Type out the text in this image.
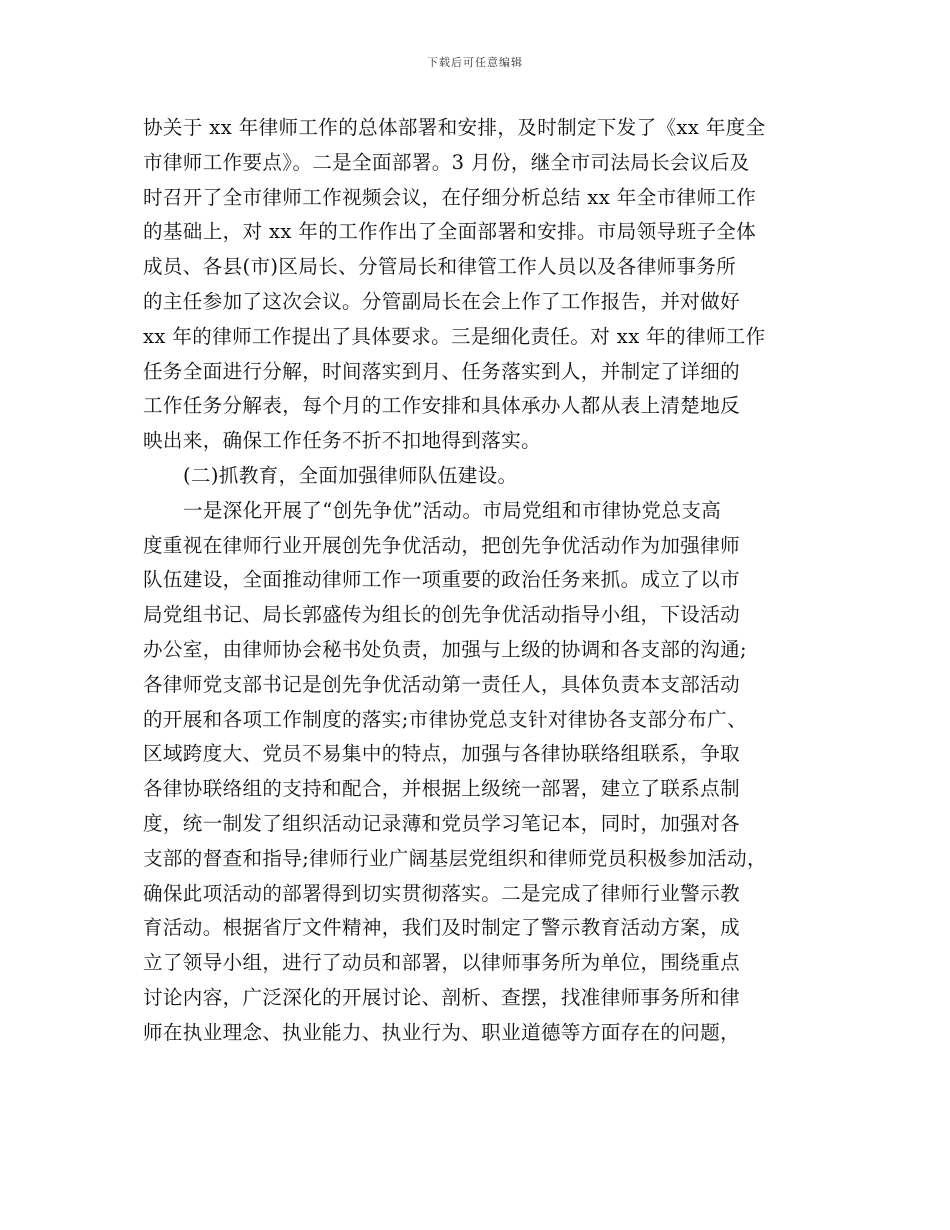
下载后可任意编辑
协关于 xx 年律师工作的总体部署和安排，及时制定下发了《xx 年度全
市律师工作要点》。二是全面部署。3 月份，继全市司法局长会议后及
时召开了全市律师工作视频会议，在仔细分析总结 xx 年全市律师工作
的基础上，对 xx 年的工作作出了全面部署和安排。市局领导班子全体
成员、各县(市)区局长、分管局长和律管工作人员以及各律师事务所
的主任参加了这次会议。分管副局长在会上作了工作报告，并对做好
xx 年的律师工作提出了具体要求。三是细化责任。对 xx 年的律师工作
任务全面进行分解，时间落实到月、任务落实到人，并制定了详细的
工作任务分解表，每个月的工作安排和具体承办人都从表上清楚地反
映出来，确保工作任务不折不扣地得到落实。
(二)抓教育，全面加强律师队伍建设。
一是深化开展了“创先争优”活动。市局党组和市律协党总支高
度重视在律师行业开展创先争优活动，把创先争优活动作为加强律师
队伍建设，全面推动律师工作一项重要的政治任务来抓。成立了以市
局党组书记、局长郭盛传为组长的创先争优活动指导小组，下设活动
办公室，由律师协会秘书处负责，加强与上级的协调和各支部的沟通;
各律师党支部书记是创先争优活动第一责任人，具体负责本支部活动
的开展和各项工作制度的落实;市律协党总支针对律协各支部分布广、
区域跨度大、党员不易集中的特点，加强与各律协联络组联系，争取
各律协联络组的支持和配合，并根据上级统一部署，建立了联系点制
度，统一制发了组织活动记录薄和党员学习笔记本，同时，加强对各
支部的督查和指导;律师行业广阔基层党组织和律师党员积极参加活动，
确保此项活动的部署得到切实贯彻落实。二是完成了律师行业警示教
育活动。根据省厅文件精神，我们及时制定了警示教育活动方案，成
立了领导小组，进行了动员和部署，以律师事务所为单位，围绕重点
讨论内容，广泛深化的开展讨论、剖析、查摆，找准律师事务所和律
师在执业理念、执业能力、执业行为、职业道德等方面存在的问题，
